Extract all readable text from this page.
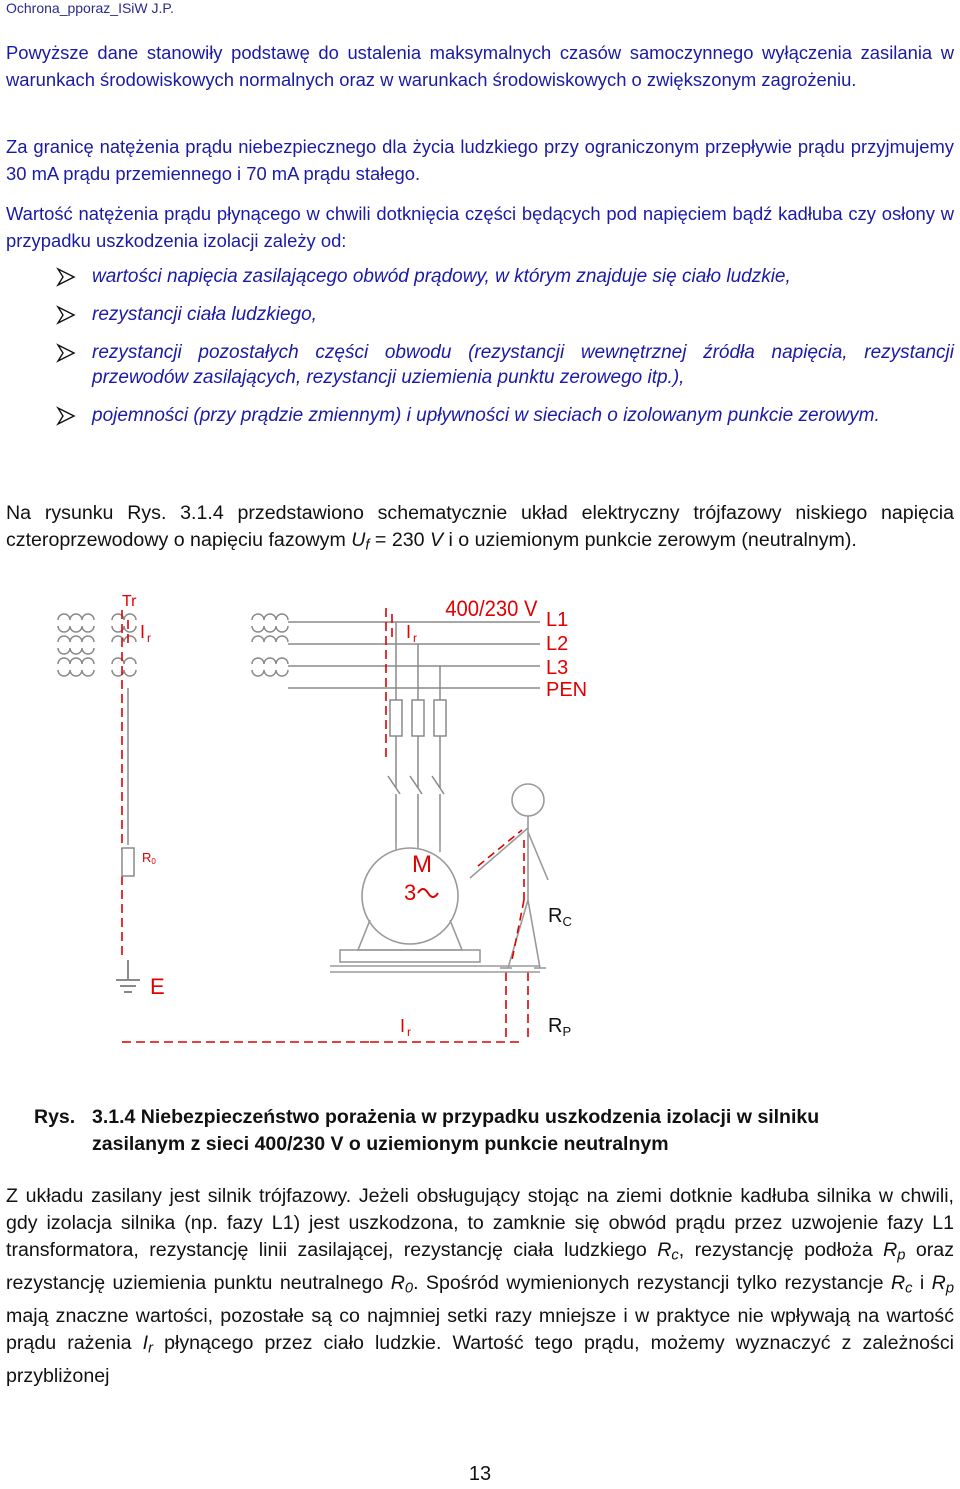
Ochrona_pporaz_ISiW J.P.
Powyższe dane stanowiły podstawę do ustalenia maksymalnych czasów samoczynnego wyłączenia zasilania w warunkach środowiskowych normalnych oraz w warunkach środowiskowych o zwiększonym zagrożeniu.
Za granicę natężenia prądu niebezpiecznego dla życia ludzkiego przy ograniczonym przepływie prądu przyjmujemy 30 mA prądu przemiennego i 70 mA prądu stałego.
Wartość natężenia prądu płynącego w chwili dotknięcia części będących pod napięciem bądź kadłuba czy osłony w przypadku uszkodzenia izolacji zależy od:
wartości napięcia zasilającego obwód prądowy, w którym znajduje się ciało ludzkie,
rezystancji ciała ludzkiego,
rezystancji pozostałych części obwodu (rezystancji wewnętrznej źródła napięcia, rezystancji przewodów zasilających, rezystancji uziemienia punktu zerowego itp.),
pojemności (przy prądzie zmiennym) i upływności w sieciach o izolowanym punkcie zerowym.
Na rysunku Rys. 3.1.4 przedstawiono schematycznie układ elektryczny trójfazowy niskiego napięcia czteroprzewodowy o napięciu fazowym $U_f = 230$ V i o uziemionym punkcie zerowym (neutralnym).
Tr
R0
E
M
3
$R_C$
$R_P$
I $_r$	I $_r$
I $_r$
400/230 V L1
L2
L3
PEN
Rys. 3.1.4 Niebezpieczeństwo porażenia w przypadku uszkodzenia izolacji w silniku zasilanym z sieci 400/230 V o uziemionym punkcie neutralnym
Z układu zasilany jest silnik trójfazowy. Jeżeli obsługujący stojąc na ziemi dotknie kadłuba silnika w chwili, gdy izolacja silnika (np. fazy L1) jest uszkodzona, to zamknie się obwód prądu przez uzwojenie fazy L1 transformatora, rezystancję linii zasilającej, rezystancję ciała ludzkiego $R_c$, rezystancję podłoża $R_p$ oraz rezystancję uziemienia punktu neutralnego $R_0$. Spośród wymienionych rezystancji tylko rezystancje $R_c$ i $R_p$ mają znaczne wartości, pozostałe są co najmniej setki razy mniejsze i w praktyce nie wpływają na wartość prądu rażenia $I_r$ płynącego przez ciało ludzkie. Wartość tego prądu, możemy wyznaczyć z zależności przybliżonej
13
